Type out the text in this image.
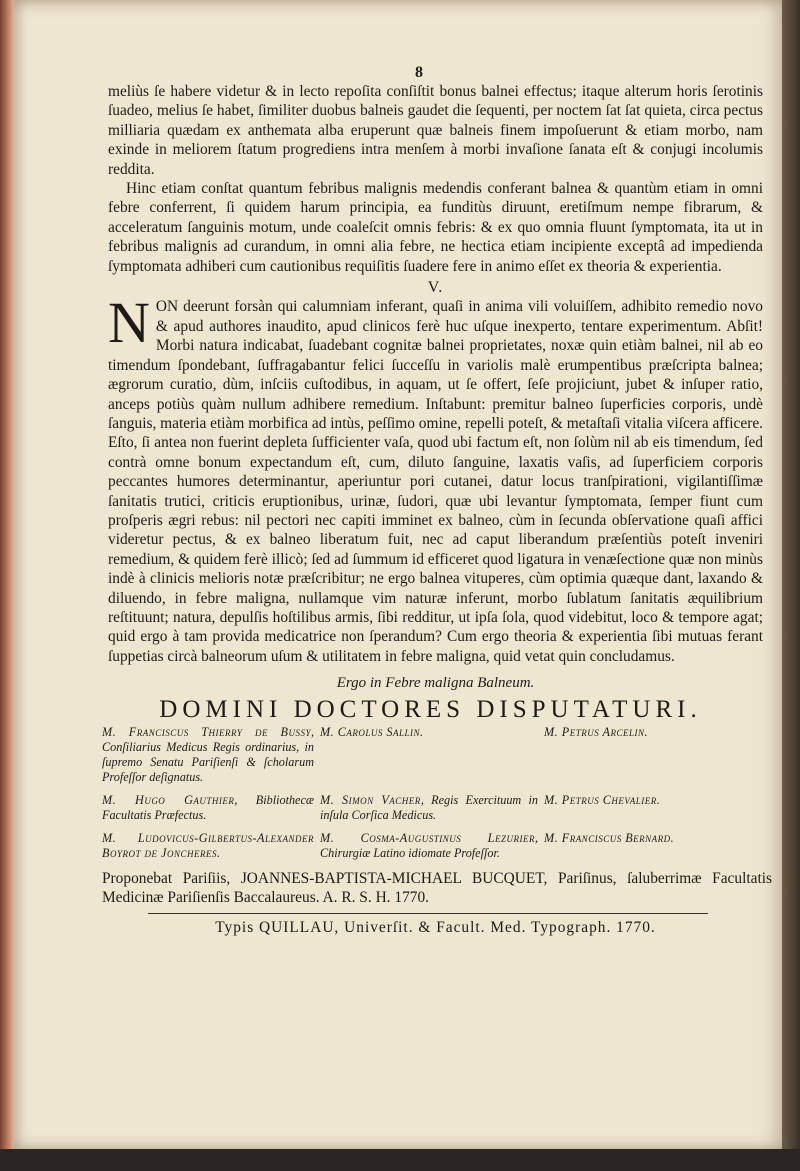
8

meliùs ſe habere videtur & in lecto repoſita conſiſtit bonus balnei effectus; itaque alterum horis ſerotinis ſuadeo, melius ſe habet, ſimiliter duobus balneis gaudet die ſequenti, per noctem ſat ſat quieta, circa pectus milliaria quædam ex anthemata alba eruperunt quæ balneis finem impoſuerunt & etiam morbo, nam exinde in meliorem ſtatum progrediens intra menſem à morbi invaſione ſanata eſt & conjugi incolumis reddita.

Hinc etiam conſtat quantum febribus malignis medendis conferant balnea & quantùm etiam in omni febre conferrent, ſi quidem harum principia, ea funditùs diruunt, eretiſmum nempe fibrarum, & acceleratum ſanguinis motum, unde coaleſcit omnis febris: & ex quo omnia fluunt ſymptomata, ita ut in febribus malignis ad curandum, in omni alia febre, ne hectica etiam incipiente exceptâ ad impedienda ſymptomata adhiberi cum cautionibus requiſitis ſuadere fere in animo eſſet ex theoria & experientia.

V.

N ON deerunt forsàn qui calumniam inferant, quaſi in anima vili voluiſſem, adhibito remedio novo & apud authores inaudito, apud clinicos ferè huc uſque inexperto, tentare experimentum. Abſit! Morbi natura indicabat, ſuadebant cognitæ balnei proprietates, noxæ quin etiàm balnei, nil ab eo timendum ſpondebant, ſuffragabantur felici ſucceſſu in variolis malè erumpentibus præſcripta balnea; ægrorum curatio, dùm, inſciis cuſtodibus, in aquam, ut ſe offert, ſeſe projiciunt, jubet & inſuper ratio, anceps potiùs quàm nullum adhibere remedium. Inſtabunt: premitur balneo ſuperficies corporis, undè ſanguis, materia etiàm morbifica ad intùs, peſſimo omine, repelli poteſt, & metaſtaſi vitalia viſcera afficere. Eſto, ſi antea non fuerint depleta ſufficienter vaſa, quod ubi factum eſt, non ſolùm nil ab eis timendum, ſed contrà omne bonum expectandum eſt, cum, diluto ſanguine, laxatis vaſis, ad ſuperficiem corporis peccantes humores determinantur, aperiuntur pori cutanei, datur locus tranſpirationi, vigilantiſſimæ ſanitatis trutici, criticis eruptionibus, urinæ, ſudori, quæ ubi levantur ſymptomata, ſemper fiunt cum proſperis ægri rebus: nil pectori nec capiti imminet ex balneo, cùm in ſecunda obſervatione quaſi affici videretur pectus, & ex balneo liberatum fuit, nec ad caput liberandum præſentiùs poteſt inveniri remedium, & quidem ferè illicò; ſed ad ſummum id efficeret quod ligatura in venæſectione quæ non minùs indè à clinicis melioris notæ præſcribitur; ne ergo balnea vituperes, cùm optimia quæque dant, laxando & diluendo, in febre maligna, nullamque vim naturæ inferunt, morbo ſublatum ſanitatis æquilibrium reſtituunt; natura, depulſis hoſtilibus armis, ſibi redditur, ut ipſa ſola, quod videbitut, loco & tempore agat; quid ergo à tam provida medicatrice non ſperandum? Cum ergo theoria & experientia ſibi mutuas ferant ſuppetias circà balneorum uſum & utilitatem in febre maligna, quid vetat quin concludamus.

Ergo in Febre maligna Balneum.
DOMINI DOCTORES DISPUTATURI.
M. Franciscus Thierry de Bussy, Conſiliarius Medicus Regis ordinarius, in ſupremo Senatu Pariſienſi & ſcholarum Profeſſor deſignatus.
M. Carolus Sallin.	M. Petrus Arcelin.
M. Hugo Gauthier, Bibliothecæ Facultatis Præfectus.
M. Simon Vacher, Regis Exercituum in inſula Corſica Medicus.
M. Petrus Chevalier.
M. Ludovicus-Gilbertus-Alexander Boyrot de Joncheres.
M. Cosma-Augustinus Lezurier, Chirurgiæ Latino idiomate Profeſſor.
M. Franciscus Bernard.
Proponebat Pariſiis, JOANNES-BAPTISTA-MICHAEL BUCQUET, Pariſinus, ſaluberrimæ Facultatis Medicinæ Pariſienſis Baccalaureus. A. R. S. H. 1770.
Typis QUILLAU, Univerſit. & Facult. Med. Typograph. 1770.
